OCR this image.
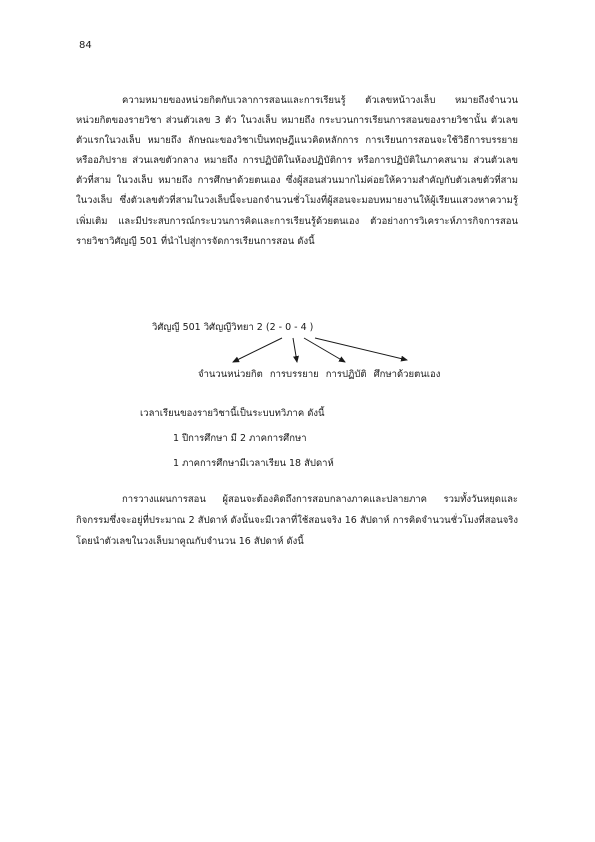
84

ความหมายของหน่วยกิตกับเวลาการสอนและการเรียนรู้ ตัวเลขหน้าวงเล็บ หมายถึงจำนวนหน่วยกิตของรายวิชา ส่วนตัวเลข 3 ตัว ในวงเล็บ หมายถึง กระบวนการเรียนการสอนของรายวิชานั้น ตัวเลขตัวแรกในวงเล็บ หมายถึง ลักษณะของวิชาเป็นทฤษฎีแนวคิดหลักการ การเรียนการสอนจะใช้วิธีการบรรยายหรืออภิปราย ส่วนเลขตัวกลาง หมายถึง การปฏิบัติในห้องปฏิบัติการ หรือการปฏิบัติในภาคสนาม ส่วนตัวเลขตัวที่สาม ในวงเล็บ หมายถึง การศึกษาด้วยตนเอง ซึ่งผู้สอนส่วนมากไม่ค่อยให้ความสำคัญกับตัวเลขตัวที่สามในวงเล็บ ซึ่งตัวเลขตัวที่สามในวงเล็บนี้จะบอกจำนวนชั่วโมงที่ผู้สอนจะมอบหมายงานให้ผู้เรียนแสวงหาความรู้เพิ่มเติม และมีประสบการณ์กระบวนการคิดและการเรียนรู้ด้วยตนเอง ตัวอย่างการวิเคราะห์ภารกิจการสอนรายวิชาวิศัญญี 501 ที่นำไปสู่การจัดการเรียนการสอน ดังนี้

วิศัญญี 501 วิศัญญีวิทยา 2 (2 - 0 - 4 )
จำนวนหน่วยกิต การบรรยาย การปฏิบัติ ศึกษาด้วยตนเอง
เวลาเรียนของรายวิชานี้เป็นระบบทวิภาค ดังนี้
1 ปีการศึกษา มี 2 ภาคการศึกษา
1 ภาคการศึกษามีเวลาเรียน 18 สัปดาห์

การวางแผนการสอน ผู้สอนจะต้องคิดถึงการสอบกลางภาคและปลายภาค รวมทั้งวันหยุดและกิจกรรมซึ่งจะอยู่ที่ประมาณ 2 สัปดาห์ ดังนั้นจะมีเวลาที่ใช้สอนจริง 16 สัปดาห์ การคิดจำนวนชั่วโมงที่สอนจริง โดยนำตัวเลขในวงเล็บมาคูณกับจำนวน 16 สัปดาห์ ดังนี้
